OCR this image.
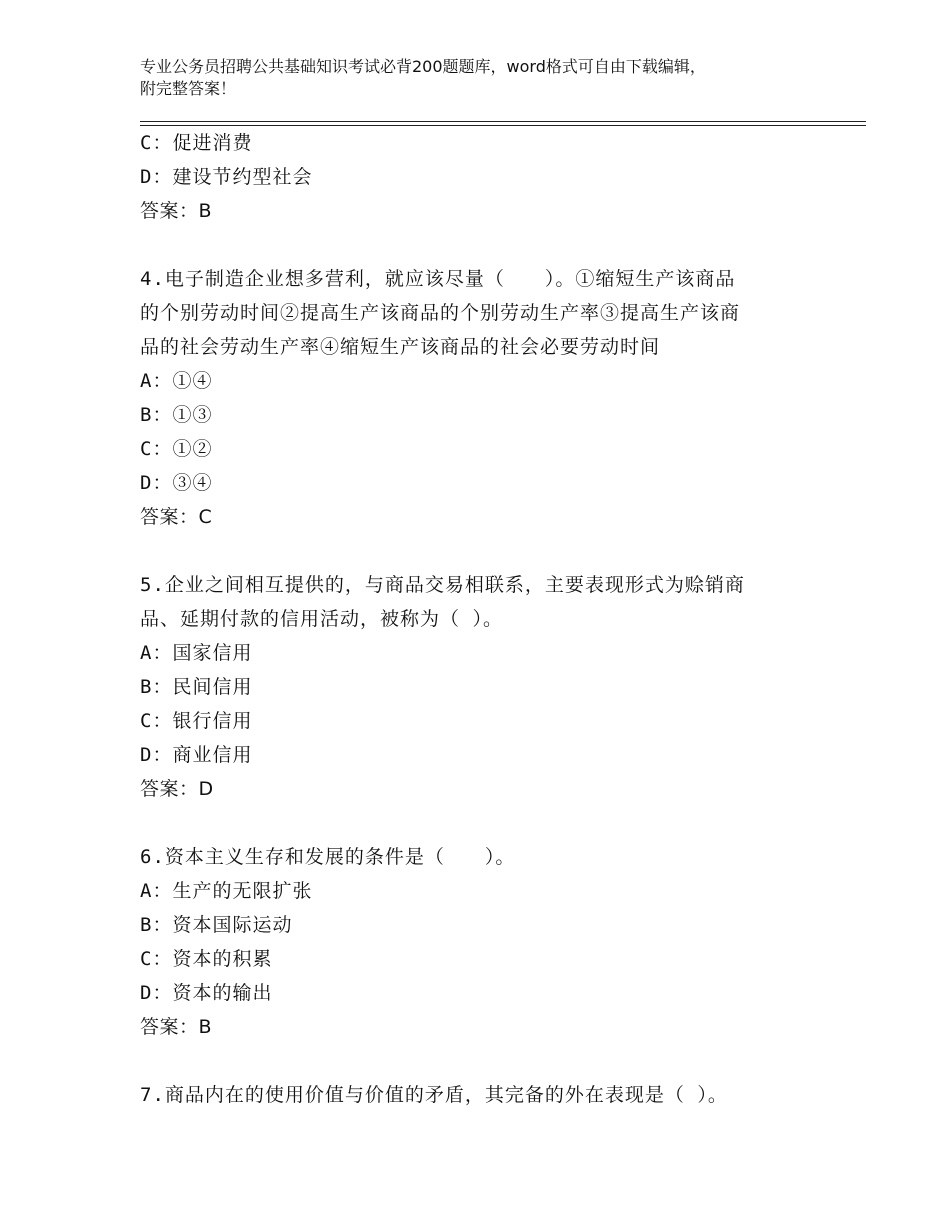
专业公务员招聘公共基础知识考试必背200题题库，word格式可自由下载编辑，
附完整答案！
C：促进消费
D：建设节约型社会
答案：B
4.电子制造企业想多营利，就应该尽量（　　）。①缩短生产该商品
的个别劳动时间②提高生产该商品的个别劳动生产率③提高生产该商
品的社会劳动生产率④缩短生产该商品的社会必要劳动时间
A：①④
B：①③
C：①②
D：③④
答案：C
5.企业之间相互提供的，与商品交易相联系，主要表现形式为赊销商
品、延期付款的信用活动，被称为（ ）。
A：国家信用
B：民间信用
C：银行信用
D：商业信用
答案：D
6.资本主义生存和发展的条件是（　　）。
A：生产的无限扩张
B：资本国际运动
C：资本的积累
D：资本的输出
答案：B
7.商品内在的使用价值与价值的矛盾，其完备的外在表现是（ ）。
